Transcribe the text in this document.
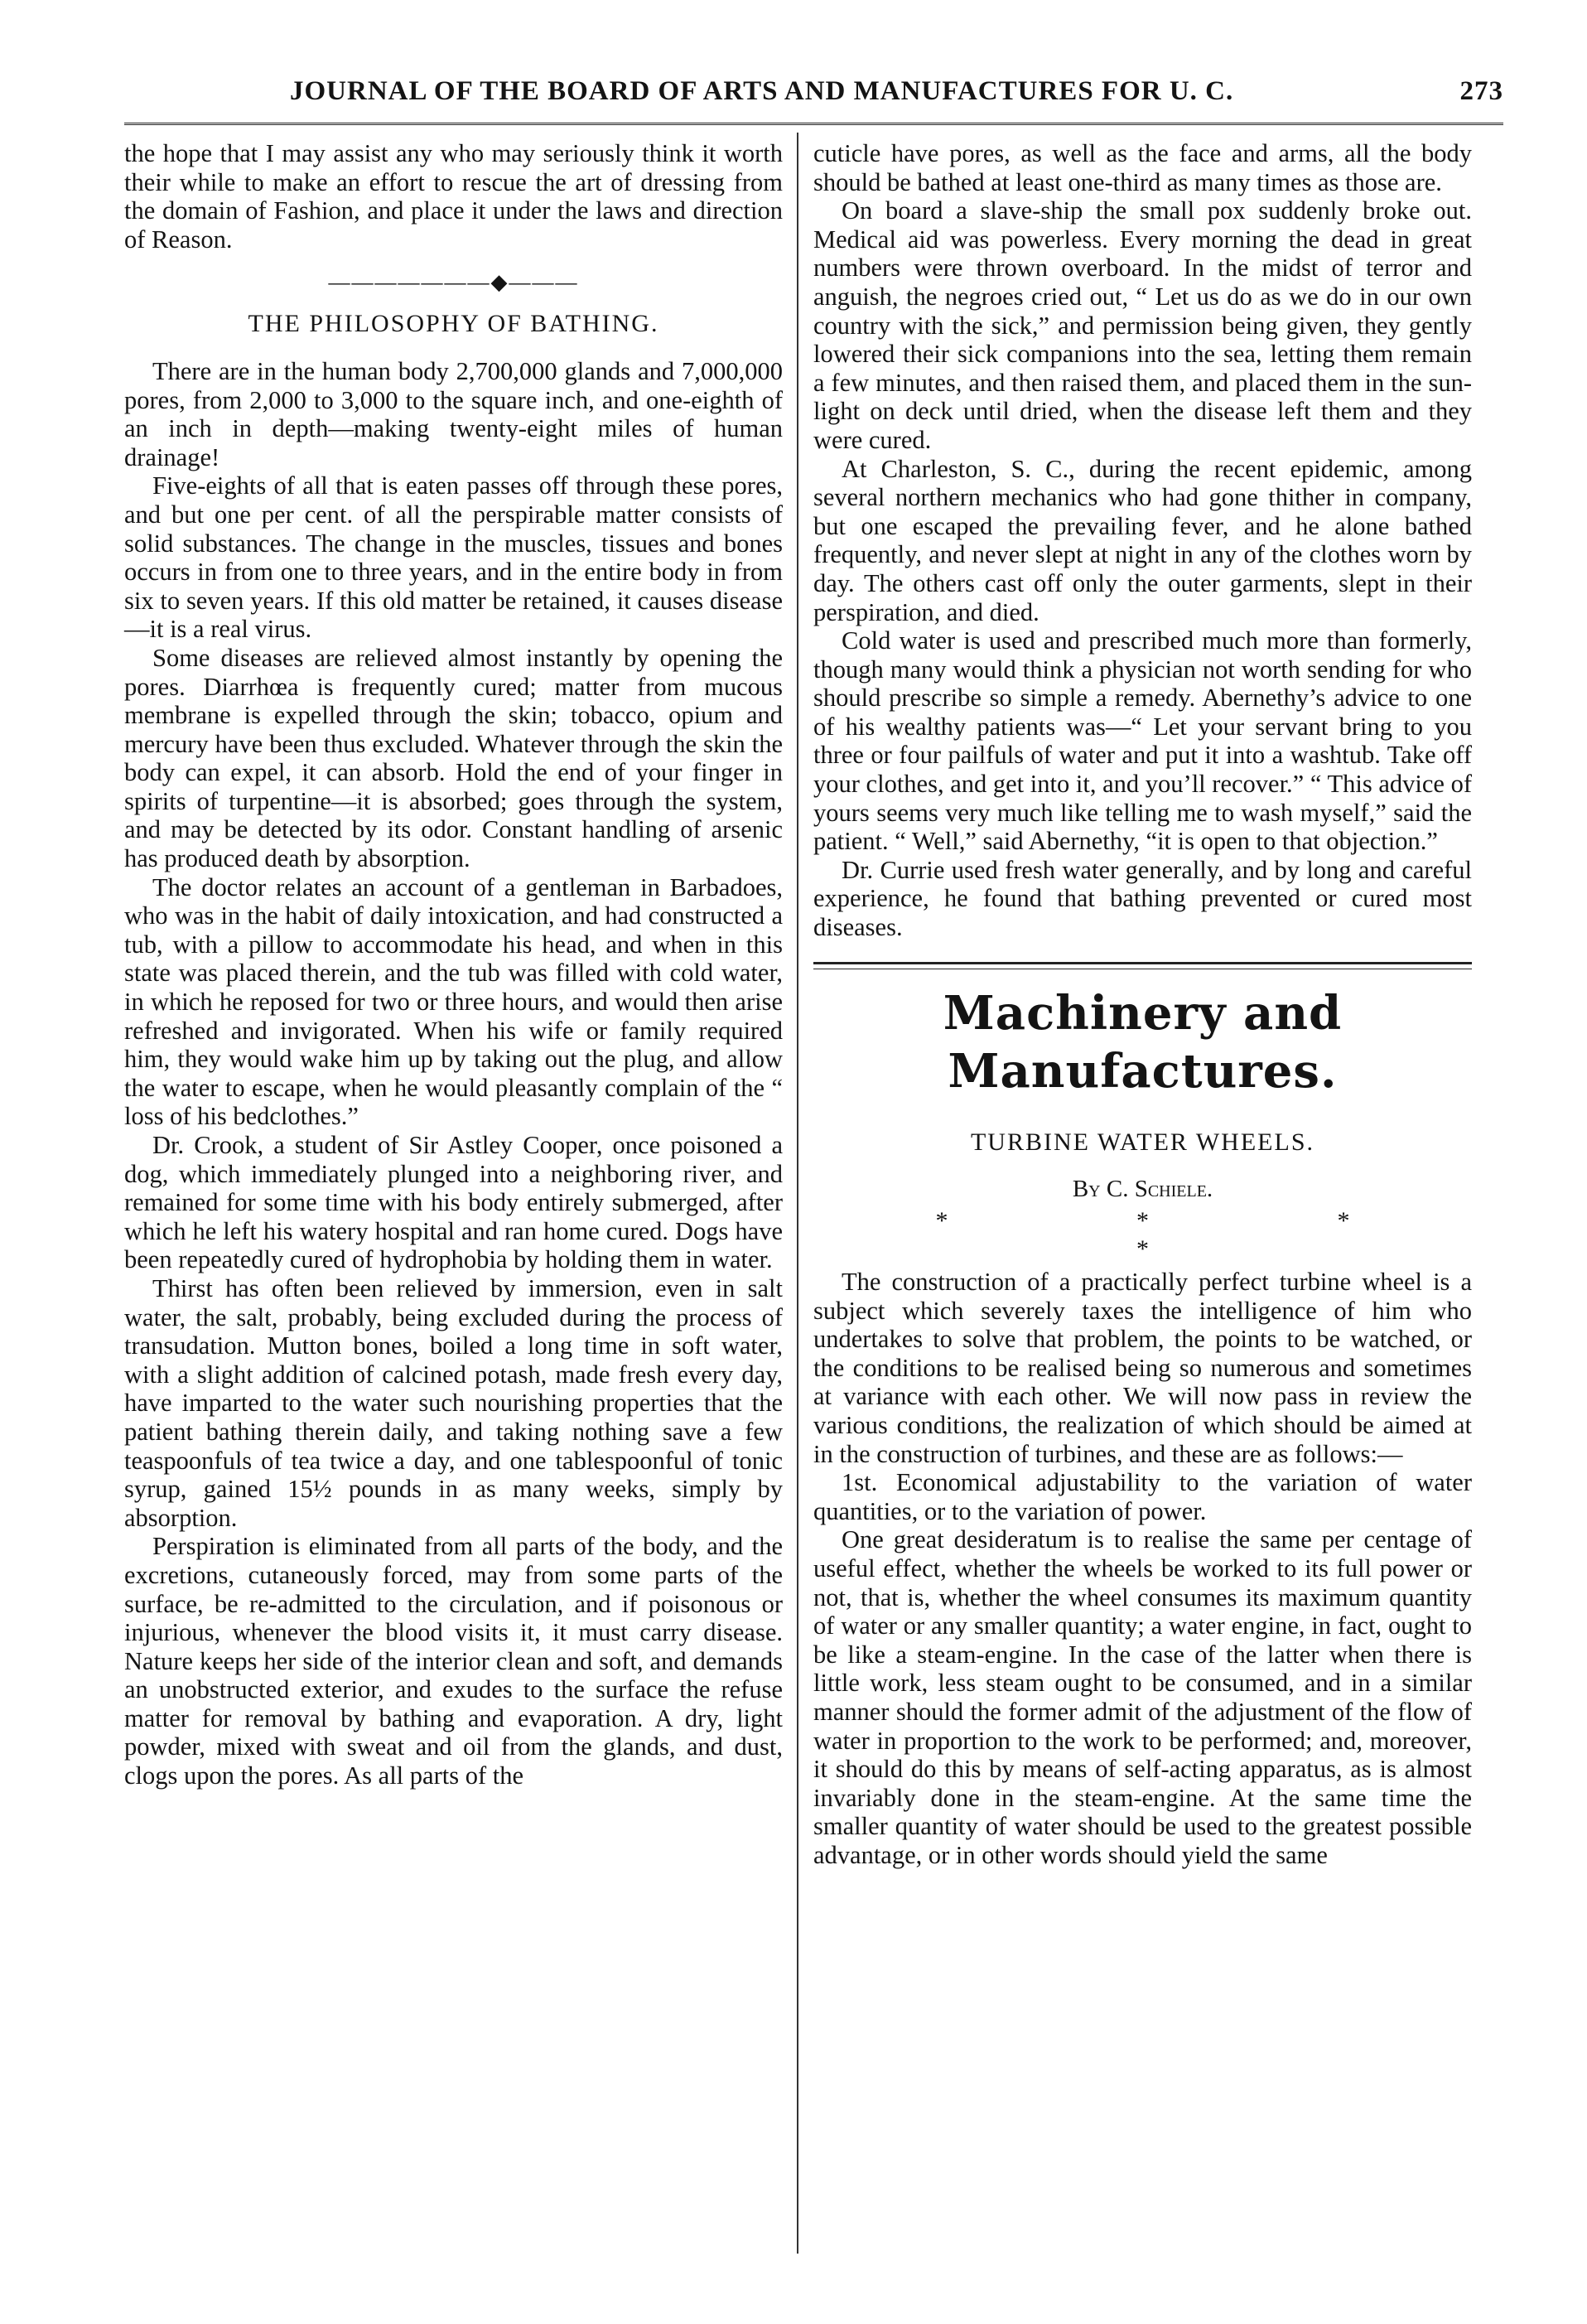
JOURNAL OF THE BOARD OF ARTS AND MANUFACTURES FOR U. C.	273

the hope that I may assist any who may seriously think it worth their while to make an effort to rescue the art of dressing from the domain of Fashion, and place it under the laws and direction of Reason.

———————◆———
THE PHILOSOPHY OF BATHING.

There are in the human body 2,700,000 glands and 7,000,000 pores, from 2,000 to 3,000 to the square inch, and one-eighth of an inch in depth—making twenty-eight miles of human drainage!

Five-eights of all that is eaten passes off through these pores, and but one per cent. of all the perspirable matter consists of solid substances. The change in the muscles, tissues and bones occurs in from one to three years, and in the entire body in from six to seven years. If this old matter be retained, it causes disease—it is a real virus.

Some diseases are relieved almost instantly by opening the pores. Diarrhœa is frequently cured; matter from mucous membrane is expelled through the skin; tobacco, opium and mercury have been thus excluded. Whatever through the skin the body can expel, it can absorb. Hold the end of your finger in spirits of turpentine—it is absorbed; goes through the system, and may be detected by its odor. Constant handling of arsenic has produced death by absorption.

The doctor relates an account of a gentleman in Barbadoes, who was in the habit of daily intoxication, and had constructed a tub, with a pillow to accommodate his head, and when in this state was placed therein, and the tub was filled with cold water, in which he reposed for two or three hours, and would then arise refreshed and invigorated. When his wife or family required him, they would wake him up by taking out the plug, and allow the water to escape, when he would pleasantly complain of the “ loss of his bedclothes.”

Dr. Crook, a student of Sir Astley Cooper, once poisoned a dog, which immediately plunged into a neighboring river, and remained for some time with his body entirely submerged, after which he left his watery hospital and ran home cured. Dogs have been repeatedly cured of hydrophobia by holding them in water.

Thirst has often been relieved by immersion, even in salt water, the salt, probably, being excluded during the process of transudation. Mutton bones, boiled a long time in soft water, with a slight addition of calcined potash, made fresh every day, have imparted to the water such nourishing properties that the patient bathing therein daily, and taking nothing save a few teaspoonfuls of tea twice a day, and one tablespoonful of tonic syrup, gained 15½ pounds in as many weeks, simply by absorption.

Perspiration is eliminated from all parts of the body, and the excretions, cutaneously forced, may from some parts of the surface, be re-admitted to the circulation, and if poisonous or injurious, whenever the blood visits it, it must carry disease. Nature keeps her side of the interior clean and soft, and demands an unobstructed exterior, and exudes to the surface the refuse matter for removal by bathing and evaporation. A dry, light powder, mixed with sweat and oil from the glands, and dust, clogs upon the pores. As all parts of the

cuticle have pores, as well as the face and arms, all the body should be bathed at least one-third as many times as those are.

On board a slave-ship the small pox suddenly broke out. Medical aid was powerless. Every morning the dead in great numbers were thrown overboard. In the midst of terror and anguish, the negroes cried out, “ Let us do as we do in our own country with the sick,” and permission being given, they gently lowered their sick companions into the sea, letting them remain a few minutes, and then raised them, and placed them in the sun-light on deck until dried, when the disease left them and they were cured.

At Charleston, S. C., during the recent epidemic, among several northern mechanics who had gone thither in company, but one escaped the prevailing fever, and he alone bathed frequently, and never slept at night in any of the clothes worn by day. The others cast off only the outer garments, slept in their perspiration, and died.

Cold water is used and prescribed much more than formerly, though many would think a physician not worth sending for who should prescribe so simple a remedy. Abernethy’s advice to one of his wealthy patients was—“ Let your servant bring to you three or four pailfuls of water and put it into a washtub. Take off your clothes, and get into it, and you’ll recover.” “ This advice of yours seems very much like telling me to wash myself,” said the patient. “ Well,” said Abernethy, “it is open to that objection.”

Dr. Currie used fresh water generally, and by long and careful experience, he found that bathing prevented or cured most diseases.

Machinery and Manufactures.
TURBINE WATER WHEELS.
By C. Schiele.
* * * *

The construction of a practically perfect turbine wheel is a subject which severely taxes the intelligence of him who undertakes to solve that problem, the points to be watched, or the conditions to be realised being so numerous and sometimes at variance with each other. We will now pass in review the various conditions, the realization of which should be aimed at in the construction of turbines, and these are as follows:—

1st. Economical adjustability to the variation of water quantities, or to the variation of power.

One great desideratum is to realise the same per centage of useful effect, whether the wheels be worked to its full power or not, that is, whether the wheel consumes its maximum quantity of water or any smaller quantity; a water engine, in fact, ought to be like a steam-engine. In the case of the latter when there is little work, less steam ought to be consumed, and in a similar manner should the former admit of the adjustment of the flow of water in proportion to the work to be performed; and, moreover, it should do this by means of self-acting apparatus, as is almost invariably done in the steam-engine. At the same time the smaller quantity of water should be used to the greatest possible advantage, or in other words should yield the same
